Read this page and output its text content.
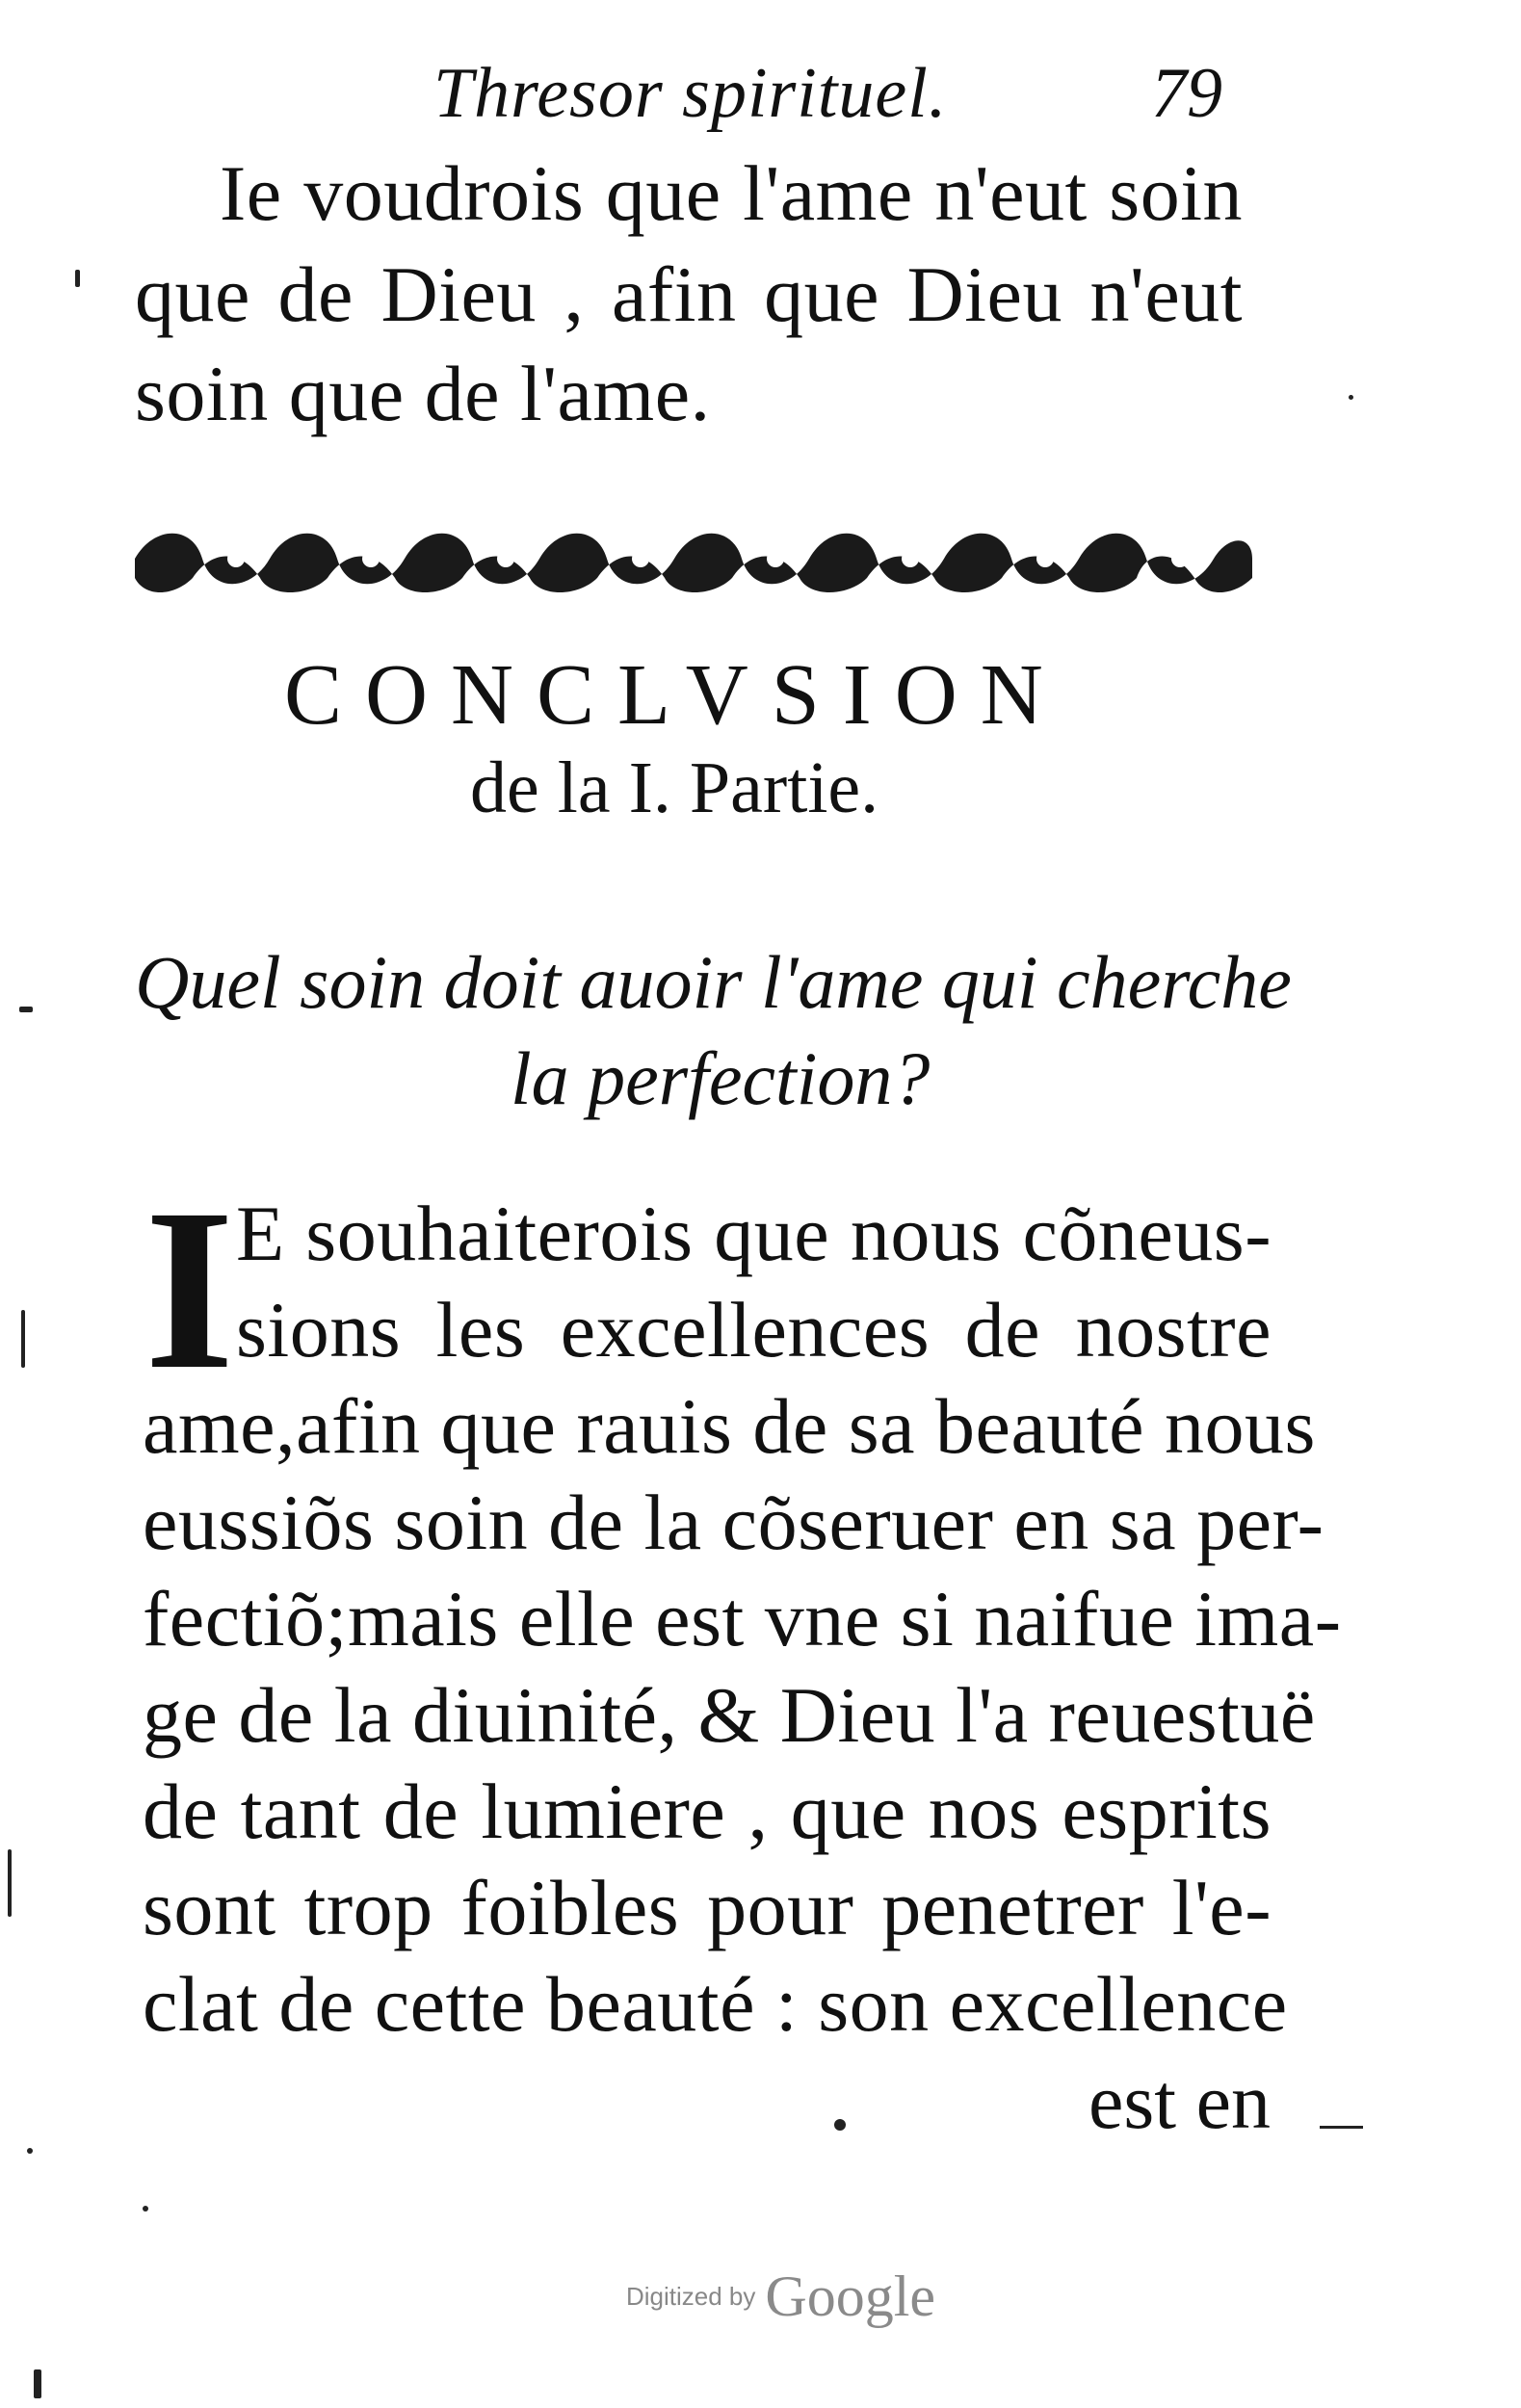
Thresor spirituel.	79
Ie voudrois que l'ame n'eut soin
que de Dieu , afin que Dieu n'eut
soin que de l'ame.
CONCLVSION
de la I. Partie.
Quel soin doit auoir l'ame qui cherche
la perfection?
I E souhaiterois que nous cõneus-
sions les excellences de nostre
ame,afin que rauis de sa beauté nous
eussiõs soin de la cõseruer en sa per-
fectiõ;mais elle est vne si naifue ima-
ge de la diuinité, & Dieu l'a reuestuë
de tant de lumiere , que nos esprits
sont trop foibles pour penetrer l'e-
clat de cette beauté : son excellence
est en
Digitized by Google
